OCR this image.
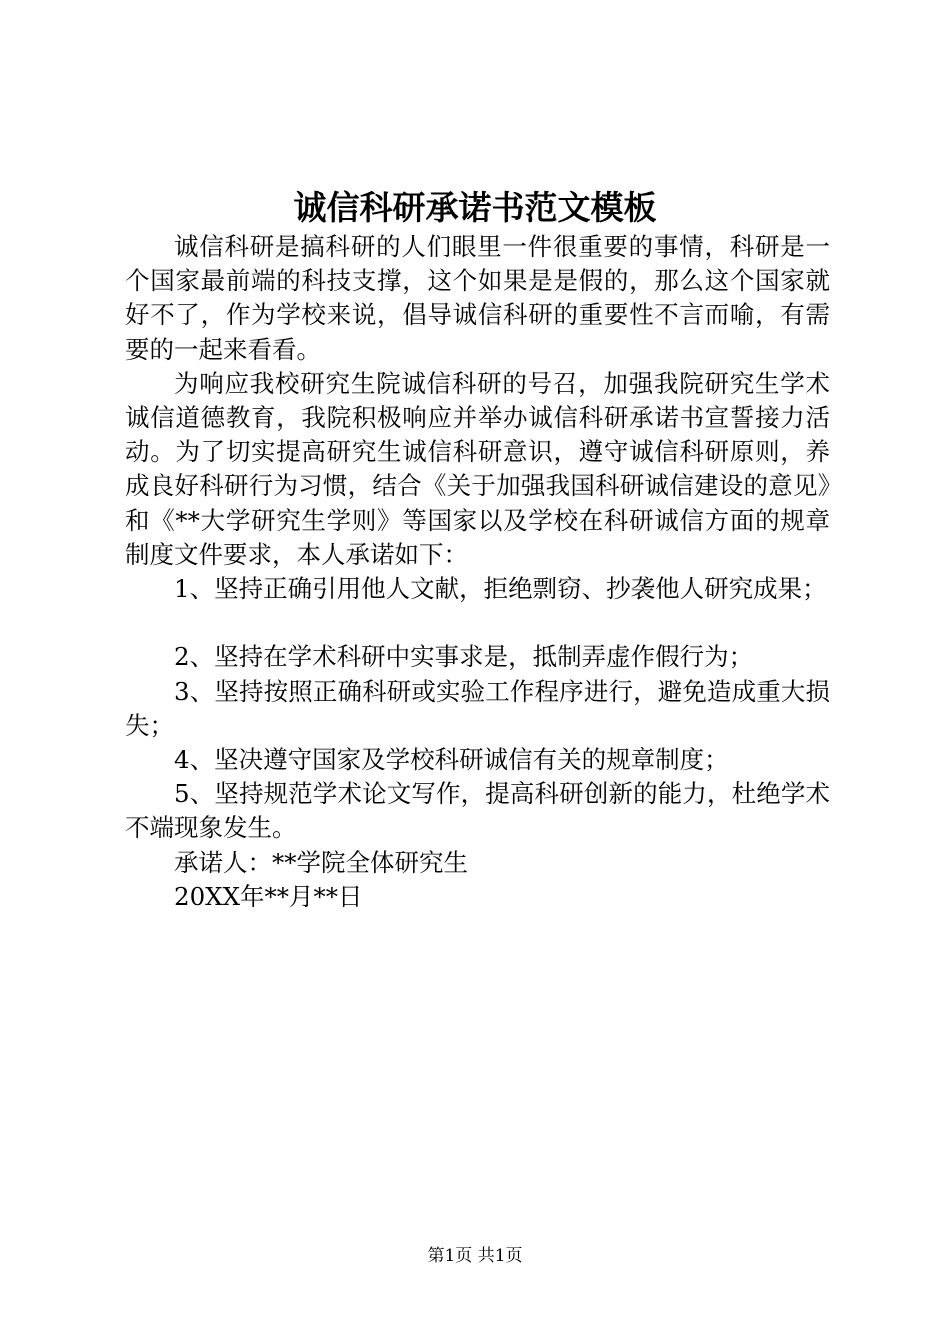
诚信科研承诺书范文模板

诚信科研是搞科研的人们眼里一件很重要的事情，科研是一个国家最前端的科技支撑，这个如果是是假的，那么这个国家就好不了，作为学校来说，倡导诚信科研的重要性不言而喻，有需要的一起来看看。

为响应我校研究生院诚信科研的号召，加强我院研究生学术诚信道德教育，我院积极响应并举办诚信科研承诺书宣誓接力活动。为了切实提高研究生诚信科研意识，遵守诚信科研原则，养成良好科研行为习惯，结合《关于加强我国科研诚信建设的意见》和《**大学研究生学则》等国家以及学校在科研诚信方面的规章制度文件要求，本人承诺如下：

1、坚持正确引用他人文献，拒绝剽窃、抄袭他人研究成果；

2、坚持在学术科研中实事求是，抵制弄虚作假行为；

3、坚持按照正确科研或实验工作程序进行，避免造成重大损失；

4、坚决遵守国家及学校科研诚信有关的规章制度；

5、坚持规范学术论文写作，提高科研创新的能力，杜绝学术不端现象发生。

承诺人：**学院全体研究生

20XX年**月**日

第1页 共1页
